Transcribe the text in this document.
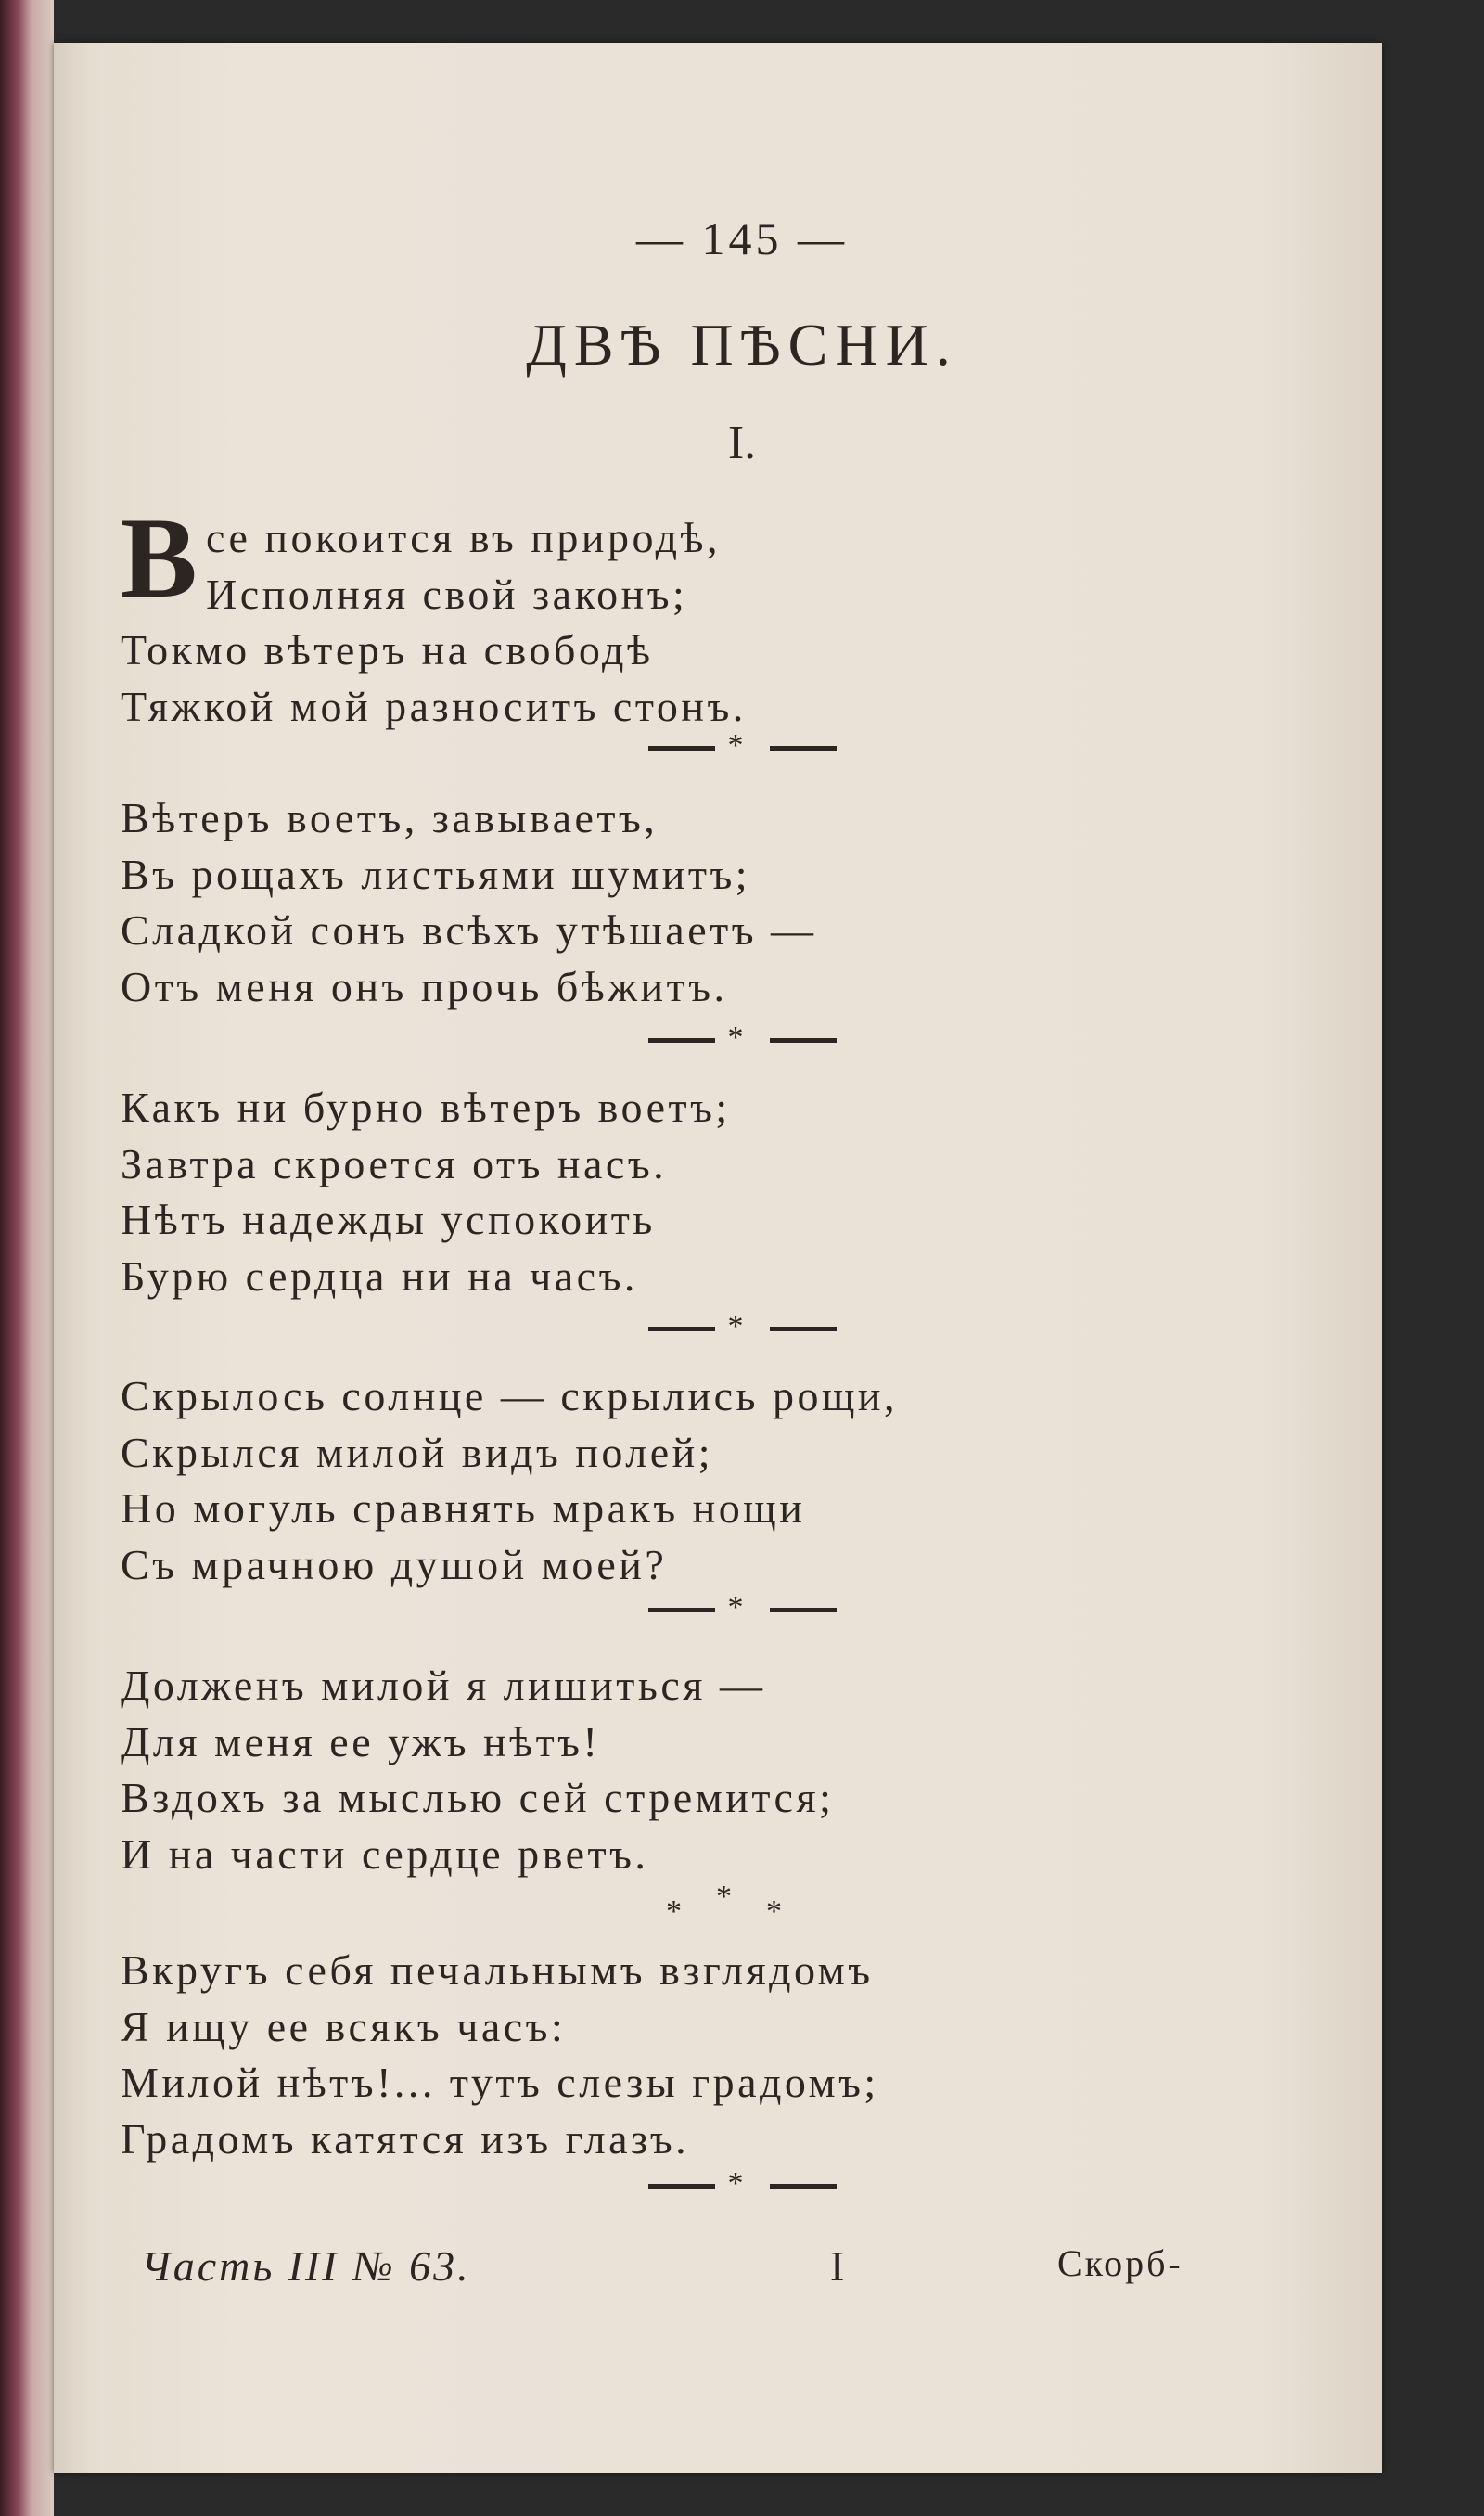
— 145 —
ДВѢ ПѢСНИ.
I.
В се покоится въ природѣ,
Исполняя свой законъ;
Токмо вѣтеръ на свободѣ
Тяжкой мой разноситъ стонъ.
*
Вѣтеръ воетъ, завываетъ,
Въ рощахъ листьями шумитъ;
Сладкой сонъ всѣхъ утѣшаетъ —
Отъ меня онъ прочь бѣжитъ.
*
Какъ ни бурно вѣтеръ воетъ;
Завтра скроется отъ насъ.
Нѣтъ надежды успокоить
Бурю сердца ни на часъ.
*
Скрылось солнце — скрылись рощи,
Скрылся милой видъ полей;
Но могуль сравнять мракъ нощи
Съ мрачною душой моей?
*
Долженъ милой я лишиться —
Для меня ее ужъ нѣтъ!
Вздохъ за мыслью сей стремится;
И на части сердце рветъ.
* * *
Вкругъ себя печальнымъ взглядомъ
Я ищу ее всякъ часъ:
Милой нѣтъ!... тутъ слезы градомъ;
Градомъ катятся изъ глазъ.
*
Часть III № 63.	I	Скорб-
